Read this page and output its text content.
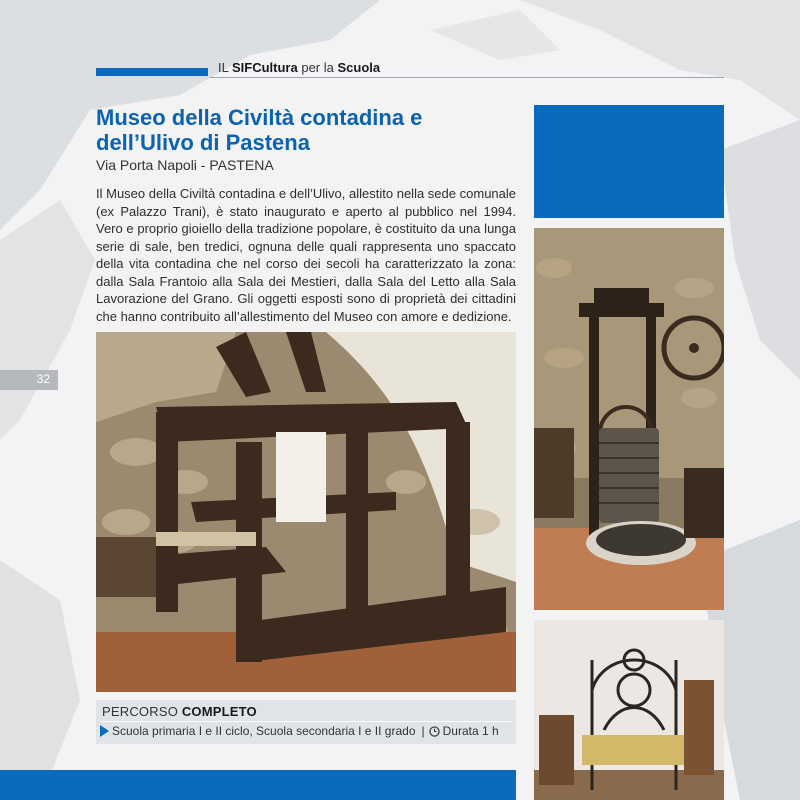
IL SIFCultura per la Scuola
32
Museo della Civiltà contadina e dell’Ulivo di Pastena
Via Porta Napoli - PASTENA

Il Museo della Civiltà contadina e dell’Ulivo, allestito nella sede comunale (ex Palazzo Trani), è stato inaugurato e aperto al pubblico nel 1994. Vero e proprio gioiello della tradizione popolare, è costituito da una lunga serie di sale, ben tredici, ognuna delle quali rappresenta uno spaccato della vita contadina che nel corso dei secoli ha caratterizzato la zona: dalla Sala Frantoio alla Sala dei Mestieri, dalla Sala del Letto alla Sala Lavorazione del Grano. Gli oggetti esposti sono di proprietà dei cittadini che hanno contribuito all’allestimento del Museo con amore e dedizione.

PERCORSO COMPLETO
Scuola primaria I e II ciclo, Scuola secondaria I e II grado | Durata 1 h
